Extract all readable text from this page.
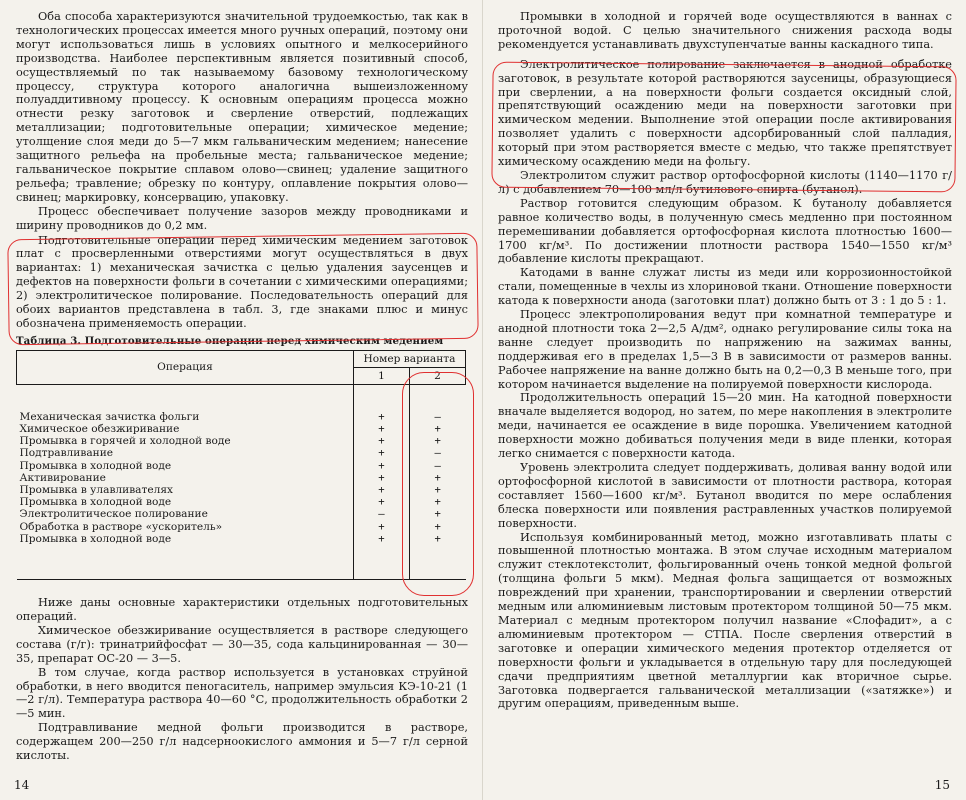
Оба способа характеризуются значительной трудоемкостью, так как в технологических процессах имеется много ручных операций, поэтому они могут использоваться лишь в условиях опытного и мелкосерийного производства. Наиболее перспективным является позитивный способ, осуществляемый по так называемому базовому технологическому процессу, структура которого аналогична вышеизложенному полуаддитивному процессу. К основным операциям процесса можно отнести резку заготовок и сверление отверстий, подлежащих металлизации; подготовительные операции; химическое медение; утолщение слоя меди до 5—7 мкм гальваническим медением; нанесение защитного рельефа на пробельные места; гальваническое медение; гальваническое покрытие сплавом олово—свинец; удаление защитного рельефа; травление; обрезку по контуру, оплавление покрытия олово—свинец; маркировку, консервацию, упаковку.

Процесс обеспечивает получение зазоров между проводниками и ширину проводников до 0,2 мм.

Подготовительные операции перед химическим медением заготовок плат с просверленными отверстиями могут осуществляться в двух вариантах: 1) механическая зачистка с целью удаления заусенцев и дефектов на поверхности фольги в сочетании с химическими операциями; 2) электролитическое полирование. Последовательность операций для обоих вариантов представлена в табл. 3, где знаками плюс и минус обозначена применяемость операции.

Таблица 3. Подготовительные операции перед химическим медением
Операция	Номер варианта	
	1	2

Механическая зачистка фольги	+	—
Химическое обезжиривание	+	+
Промывка в горячей и холодной воде	+	+
Подтравливание	+	—
Промывка в холодной воде	+	—
Активирование	+	+
Промывка в улавливателях	+	+
Промывка в холодной воде	+	+
Электролитическое полирование	—	+
Обработка в растворе «ускоритель»	+	+
Промывка в холодной воде	+	+

Ниже даны основные характеристики отдельных подготовительных операций.

Химическое обезжиривание осуществляется в растворе следующего состава (г/г): тринатрийфосфат — 30—35, сода кальцинированная — 30—35, препарат ОС-20 — 3—5.

В том случае, когда раствор используется в установках струйной обработки, в него вводится пеногаситель, например эмульсия КЭ-10-21 (1—2 г/л). Температура раствора 40—60 °С, продолжительность обработки 2—5 мин.

Подтравливание медной фольги производится в растворе, содержащем 200—250 г/л надсерноокислого аммония и 5—7 г/л серной кислоты.

14

Промывки в холодной и горячей воде осуществляются в ваннах с проточной водой. С целью значительного снижения расхода воды рекомендуется устанавливать двухступенчатые ванны каскадного типа.

Электролитическое полирование заключается в анодной обработке заготовок, в результате которой растворяются заусеницы, образующиеся при сверлении, а на поверхности фольги создается оксидный слой, препятствующий осаждению меди на поверхности заготовки при химическом медении. Выполнение этой операции после активирования позволяет удалить с поверхности адсорбированный слой палладия, который при этом растворяется вместе с медью, что также препятствует химическому осаждению меди на фольгу.

Электролитом служит раствор ортофосфорной кислоты (1140—1170 г/л) с добавлением 70—100 мл/л бутилового спирта (бутанол).

Раствор готовится следующим образом. К бутанолу добавляется равное количество воды, в полученную смесь медленно при постоянном перемешивании добавляется ортофосфорная кислота плотностью 1600—1700 кг/м³. По достижении плотности раствора 1540—1550 кг/м³ добавление кислоты прекращают.

Катодами в ванне служат листы из меди или коррозионностойкой стали, помещенные в чехлы из хлориновой ткани. Отношение поверхности катода к поверхности анода (заготовки плат) должно быть от 3 : 1 до 5 : 1.

Процесс электрополирования ведут при комнатной температуре и анодной плотности тока 2—2,5 А/дм², однако регулирование силы тока на ванне следует производить по напряжению на зажимах ванны, поддерживая его в пределах 1,5—3 В в зависимости от размеров ванны. Рабочее напряжение на ванне должно быть на 0,2—0,3 В меньше того, при котором начинается выделение на полируемой поверхности кислорода.

Продолжительность операций 15—20 мин. На катодной поверхности вначале выделяется водород, но затем, по мере накопления в электролите меди, начинается ее осаждение в виде порошка. Увеличением катодной поверхности можно добиваться получения меди в виде пленки, которая легко снимается с поверхности катода.

Уровень электролита следует поддерживать, доливая ванну водой или ортофосфорной кислотой в зависимости от плотности раствора, которая составляет 1560—1600 кг/м³. Бутанол вводится по мере ослабления блеска поверхности или появления растравленных участков полируемой поверхности.

Используя комбинированный метод, можно изготавливать платы с повышенной плотностью монтажа. В этом случае исходным материалом служит стеклотекстолит, фольгированный очень тонкой медной фольгой (толщина фольги 5 мкм). Медная фольга защищается от возможных повреждений при хранении, транспортировании и сверлении отверстий медным или алюминиевым листовым протектором толщиной 50—75 мкм. Материал с медным протектором получил название «Слофадит», а с алюминиевым протектором — СТПА. После сверления отверстий в заготовке и операции химического медения протектор отделяется от поверхности фольги и укладывается в отдельную тару для последующей сдачи предприятиям цветной металлургии как вторичное сырье. Заготовка подвергается гальванической металлизации («затяжке») и другим операциям, приведенным выше.

15
